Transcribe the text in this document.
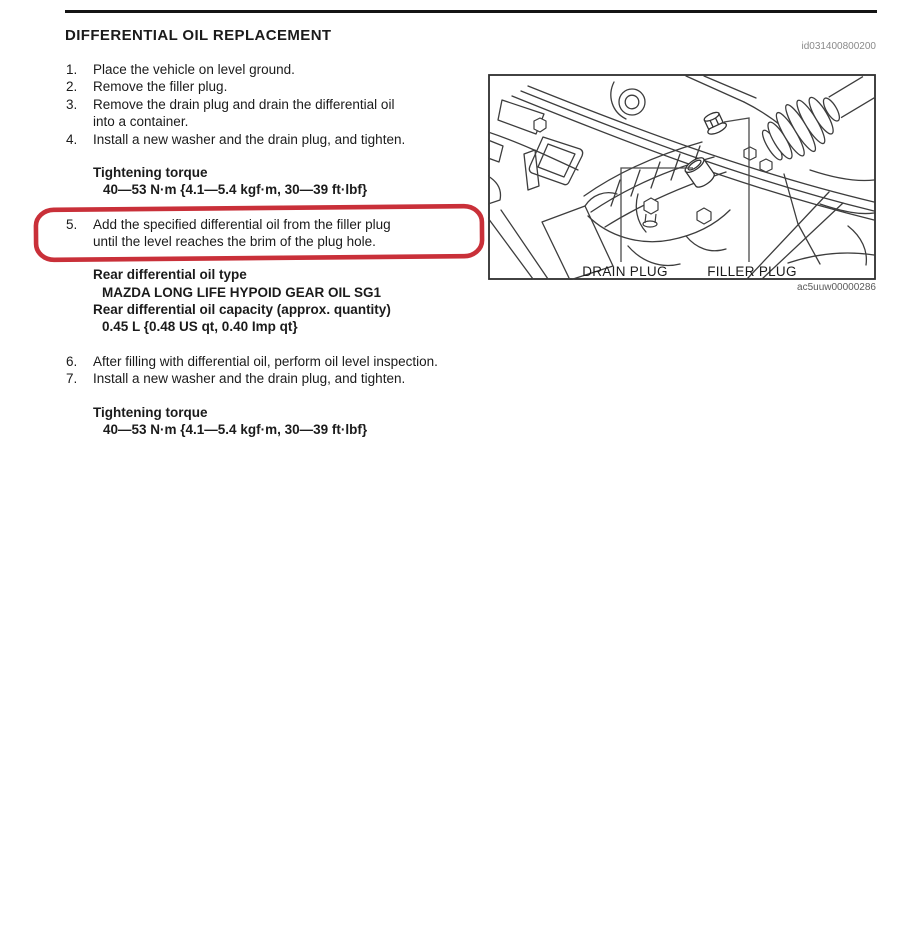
DIFFERENTIAL OIL REPLACEMENT
id031400800200
1. Place the vehicle on level ground.
2. Remove the filler plug.
3. Remove the drain plug and drain the differential oil
into a container.
4. Install a new washer and the drain plug, and tighten.
Tightening torque
40—53 N·m {4.1—5.4 kgf·m, 30—39 ft·lbf}
5. Add the specified differential oil from the filler plug
until the level reaches the brim of the plug hole.
Rear differential oil type
MAZDA LONG LIFE HYPOID GEAR OIL SG1
Rear differential oil capacity (approx. quantity)
0.45 L {0.48 US qt, 0.40 Imp qt}
6. After filling with differential oil, perform oil level inspection.
7. Install a new washer and the drain plug, and tighten.
Tightening torque
40—53 N·m {4.1—5.4 kgf·m, 30—39 ft·lbf}
DRAIN PLUG	FILLER PLUG
ac5uuw00000286
